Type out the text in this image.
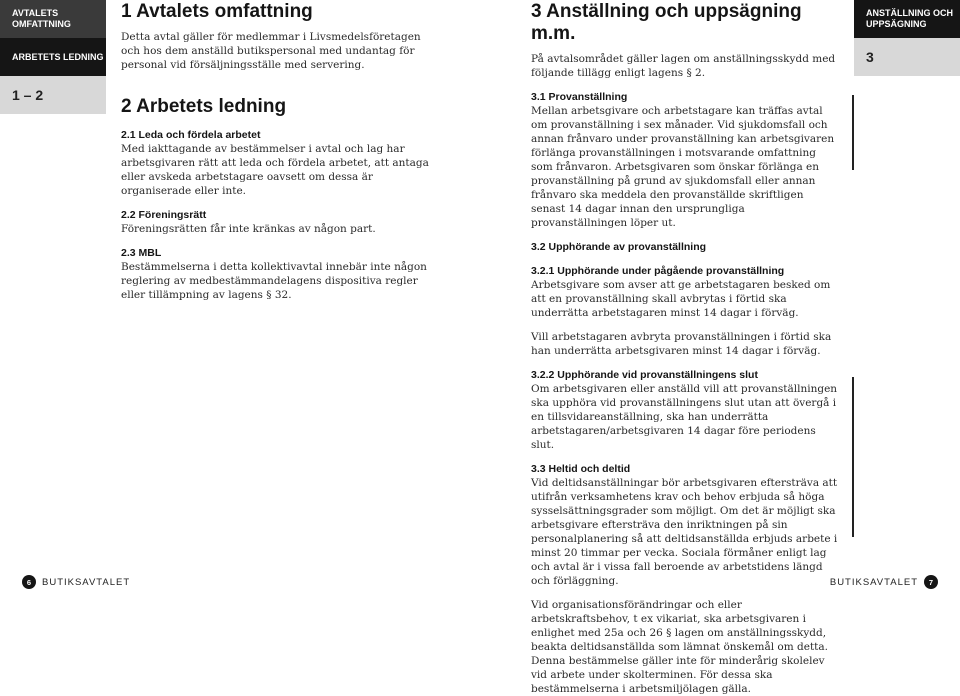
AVTALETS OMFATTNING
ARBETETS LEDNING
1 – 2
ANSTÄLLNING OCH UPPSÄGNING
3
1 Avtalets omfattning

Detta avtal gäller för medlemmar i Livsmedelsföretagen och hos dem anställd butikspersonal med undantag för personal vid försäljningsställe med servering.

2 Arbetets ledning

2.1 Leda och fördela arbetet

Med iakttagande av bestämmelser i avtal och lag har arbetsgivaren rätt att leda och fördela arbetet, att antaga eller avskeda arbetstagare oavsett om dessa är organiserade eller inte.

2.2 Föreningsrätt

Föreningsrätten får inte kränkas av någon part.

2.3 MBL

Bestämmelserna i detta kollektivavtal innebär inte någon reglering av medbestämmandelagens dispositiva regler eller tillämpning av lagens § 32.

3 Anställning och uppsägning m.m.

På avtalsområdet gäller lagen om anställningsskydd med följande tillägg enligt lagens § 2.

3.1 Provanställning

Mellan arbetsgivare och arbetstagare kan träffas avtal om provanställning i sex månader. Vid sjukdomsfall och annan frånvaro under provanställning kan arbetsgivaren förlänga provanställningen i motsvarande omfattning som frånvaron. Arbetsgivaren som önskar förlänga en provanställning på grund av sjukdomsfall eller annan frånvaro ska meddela den provanställde skriftligen senast 14 dagar innan den ursprungliga provanställningen löper ut.

3.2 Upphörande av provanställning

3.2.1 Upphörande under pågående provanställning

Arbetsgivare som avser att ge arbetstagaren besked om att en provanställning skall avbrytas i förtid ska underrätta arbetstagaren minst 14 dagar i förväg.

Vill arbetstagaren avbryta provanställningen i förtid ska han underrätta arbetsgivaren minst 14 dagar i förväg.

3.2.2 Upphörande vid provanställningens slut

Om arbetsgivaren eller anställd vill att provanställningen ska upphöra vid provanställningens slut utan att övergå i en tillsvidareanställning, ska han underrätta arbetstagaren/arbetsgivaren 14 dagar före periodens slut.

3.3 Heltid och deltid

Vid deltidsanställningar bör arbetsgivaren eftersträva att utifrån verksamhetens krav och behov erbjuda så höga sysselsättningsgrader som möjligt. Om det är möjligt ska arbetsgivare eftersträva den inriktningen på sin personalplanering så att deltidsanställda erbjuds arbete i minst 20 timmar per vecka. Sociala förmåner enligt lag och avtal är i vissa fall beroende av arbetstidens längd och förläggning.

Vid organisationsförändringar och eller arbetskraftsbehov, t ex vikariat, ska arbetsgivaren i enlighet med 25a och 26 § lagen om anställningsskydd, beakta deltidsanställda som lämnat önskemål om detta. Denna bestämmelse gäller inte för minderårig skolelev vid arbete under skolterminen. För dessa ska bestämmelserna i arbetsmiljölagen gälla.

6	BUTIKSAVTALET	BUTIKSAVTALET	7
